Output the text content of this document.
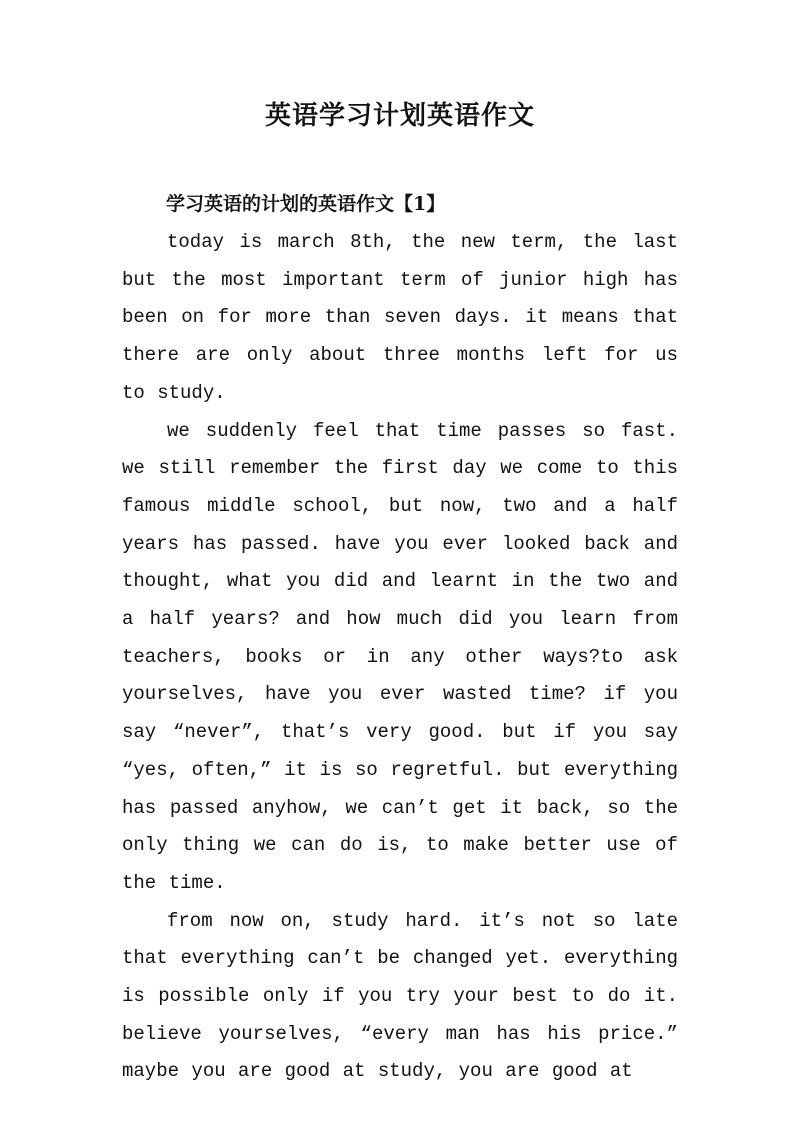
英语学习计划英语作文
学习英语的计划的英语作文【1】

today is march 8th, the new term, the last but the most important term of junior high has been on for more than seven days. it means that there are only about three months left for us to study.

we suddenly feel that time passes so fast. we still remember the first day we come to this famous middle school, but now, two and a half years has passed. have you ever looked back and thought, what you did and learnt in the two and a half years? and how much did you learn from teachers, books or in any other ways?to ask yourselves, have you ever wasted time? if you say “never”, that’s very good. but if you say “yes, often,” it is so regretful. but everything has passed anyhow, we can’t get it back, so the only thing we can do is, to make better use of the time.

from now on, study hard. it’s not so late that everything can’t be changed yet. everything is possible only if you try your best to do it. believe yourselves, “every man has his price.” maybe you are good at study, you are good at
